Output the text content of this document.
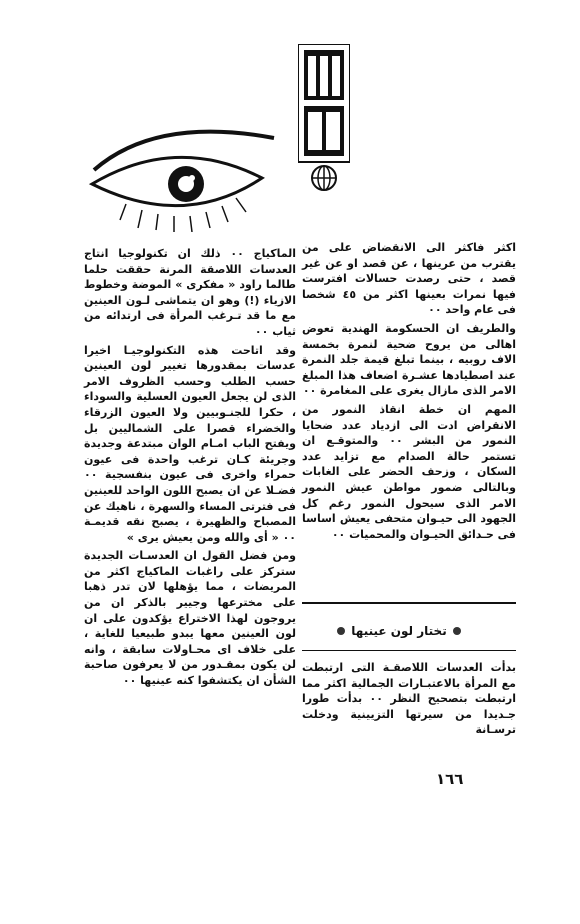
اكثر فاكثر الى الانقضاض على من يقترب من عرينها ، عن قصد او عن غير قصد ، حتى رصدت حسالات افترست فيها نمرات بعينها اكثر من ٤٥ شخصا فى عام واحد ٠٠

والطريف ان الحسكومة الهندية تعوض اهالى من يروح ضحية لنمرة بخمسة الاف روبيه ، بينما تبلغ قيمة جلد النمرة عند اصطيادها عشـرة اضعاف هذا المبلغ الامر الذى مازال يغرى على المغامرة ٠٠

المهم ان خطة انقاذ النمور من الانقراض ادت الى ازدياد عدد ضحايا النمور من البشر ٠٠ والمتوقـع ان تستمر حالة الصدام مع تزايد عدد السكان ، وزحف الحضر على الغابات وبالتالى ضمور مواطن عيش النمور الامر الذى سيحول النمور رغم كل الجهود الى حيـوان متحفى يعيش اساسا فى حـدائق الحيـوان والمحميات ٠٠

الماكياج ٠٠ ذلك ان تكنولوجيا انتاج العدسات اللاصقة المرنة حققت حلما طالما راود « مفكرى » الموضة وخطوط الازياء (!) وهو ان يتماشى لـون العينين مع ما قد تـرغب المرأة فى ارتدائه من ثياب ٠٠

وقد اتاحت هذه التكنولوجيـا اخيرا عدسات بمقدورها تغيير لون العينين حسب الطلب وحسب الظروف الامر الذى لن يجعل العيون العسلية والسوداء ، حكرا للجنـوبيين ولا العيون الزرقاء والخضراء قصرا على الشماليين بل ويفتح الباب امـام الوان مبتدعة وجديدة وجريئة كـان ترغب واحدة فى عيون حمراء واخرى فى عيون بنفسجية ٠٠ فضـلا عن ان يصبح اللون الواحد للعينين فى فترتى المساء والسهرة ، ناهيك عن المصباح والظهيرة ، يصبح نقه قديمـة ٠٠ « أى والله ومن يعيش يرى »

ومن فضل القول ان العدسـات الجديدة ستركز على راغبات الماكياج اكثر من المريضات ، مما يؤهلها لان تدر ذهبا على مخترعها وجيير بالذكر ان من يروجون لهذا الاختراع يؤكدون على ان لون العينين معها يبدو طبيعيا للغاية ، على خلاف اى محـاولات سابقة ، وانه لن يكون بمقـدور من لا يعرفون صاحبة الشأن ان يكتشفوا كنه عينيها ٠٠

تختار لون عينيها

بدأت العدسات اللاصقـة التى ارتبطت مع المرأة بالاعتبـارات الجمالية اكثر مما ارتبطت بتصحيح النظر ٠٠ بدأت طورا جـديدا من سيرتها التزيينية ودخلت ترسـانة

١٦٦
